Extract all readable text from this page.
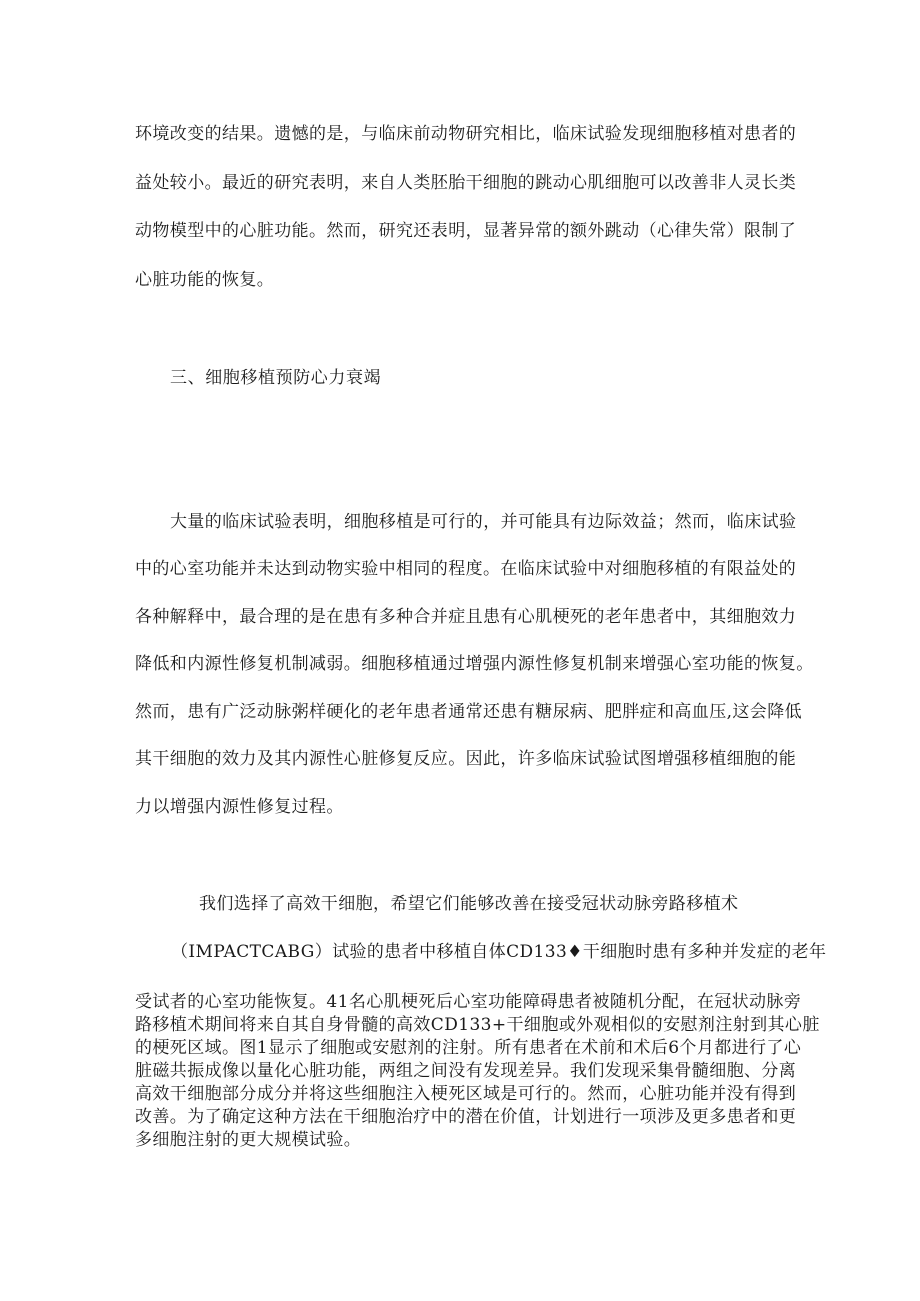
环境改变的结果。遗憾的是，与临床前动物研究相比，临床试验发现细胞移植对患者的
益处较小。最近的研究表明，来自人类胚胎干细胞的跳动心肌细胞可以改善非人灵长类
动物模型中的心脏功能。然而，研究还表明，显著异常的额外跳动（心律失常）限制了
心脏功能的恢复。
三、细胞移植预防心力衰竭
大量的临床试验表明，细胞移植是可行的，并可能具有边际效益；然而，临床试验
中的心室功能并未达到动物实验中相同的程度。在临床试验中对细胞移植的有限益处的
各种解释中，最合理的是在患有多种合并症且患有心肌梗死的老年患者中，其细胞效力
降低和内源性修复机制减弱。细胞移植通过增强内源性修复机制来增强心室功能的恢复。
然而，患有广泛动脉粥样硬化的老年患者通常还患有糖尿病、肥胖症和高血压,这会降低
其干细胞的效力及其内源性心脏修复反应。因此，许多临床试验试图增强移植细胞的能
力以增强内源性修复过程。
我们选择了高效干细胞，希望它们能够改善在接受冠状动脉旁路移植术
（IMPACTCABG）试验的患者中移植自体CD133♦干细胞时患有多种并发症的老年
受试者的心室功能恢复。41名心肌梗死后心室功能障碍患者被随机分配，在冠状动脉旁
路移植术期间将来自其自身骨髓的高效CD133+干细胞或外观相似的安慰剂注射到其心脏
的梗死区域。图1显示了细胞或安慰剂的注射。所有患者在术前和术后6个月都进行了心
脏磁共振成像以量化心脏功能，两组之间没有发现差异。我们发现采集骨髓细胞、分离
高效干细胞部分成分并将这些细胞注入梗死区域是可行的。然而，心脏功能并没有得到
改善。为了确定这种方法在干细胞治疗中的潜在价值，计划进行一项涉及更多患者和更
多细胞注射的更大规模试验。
